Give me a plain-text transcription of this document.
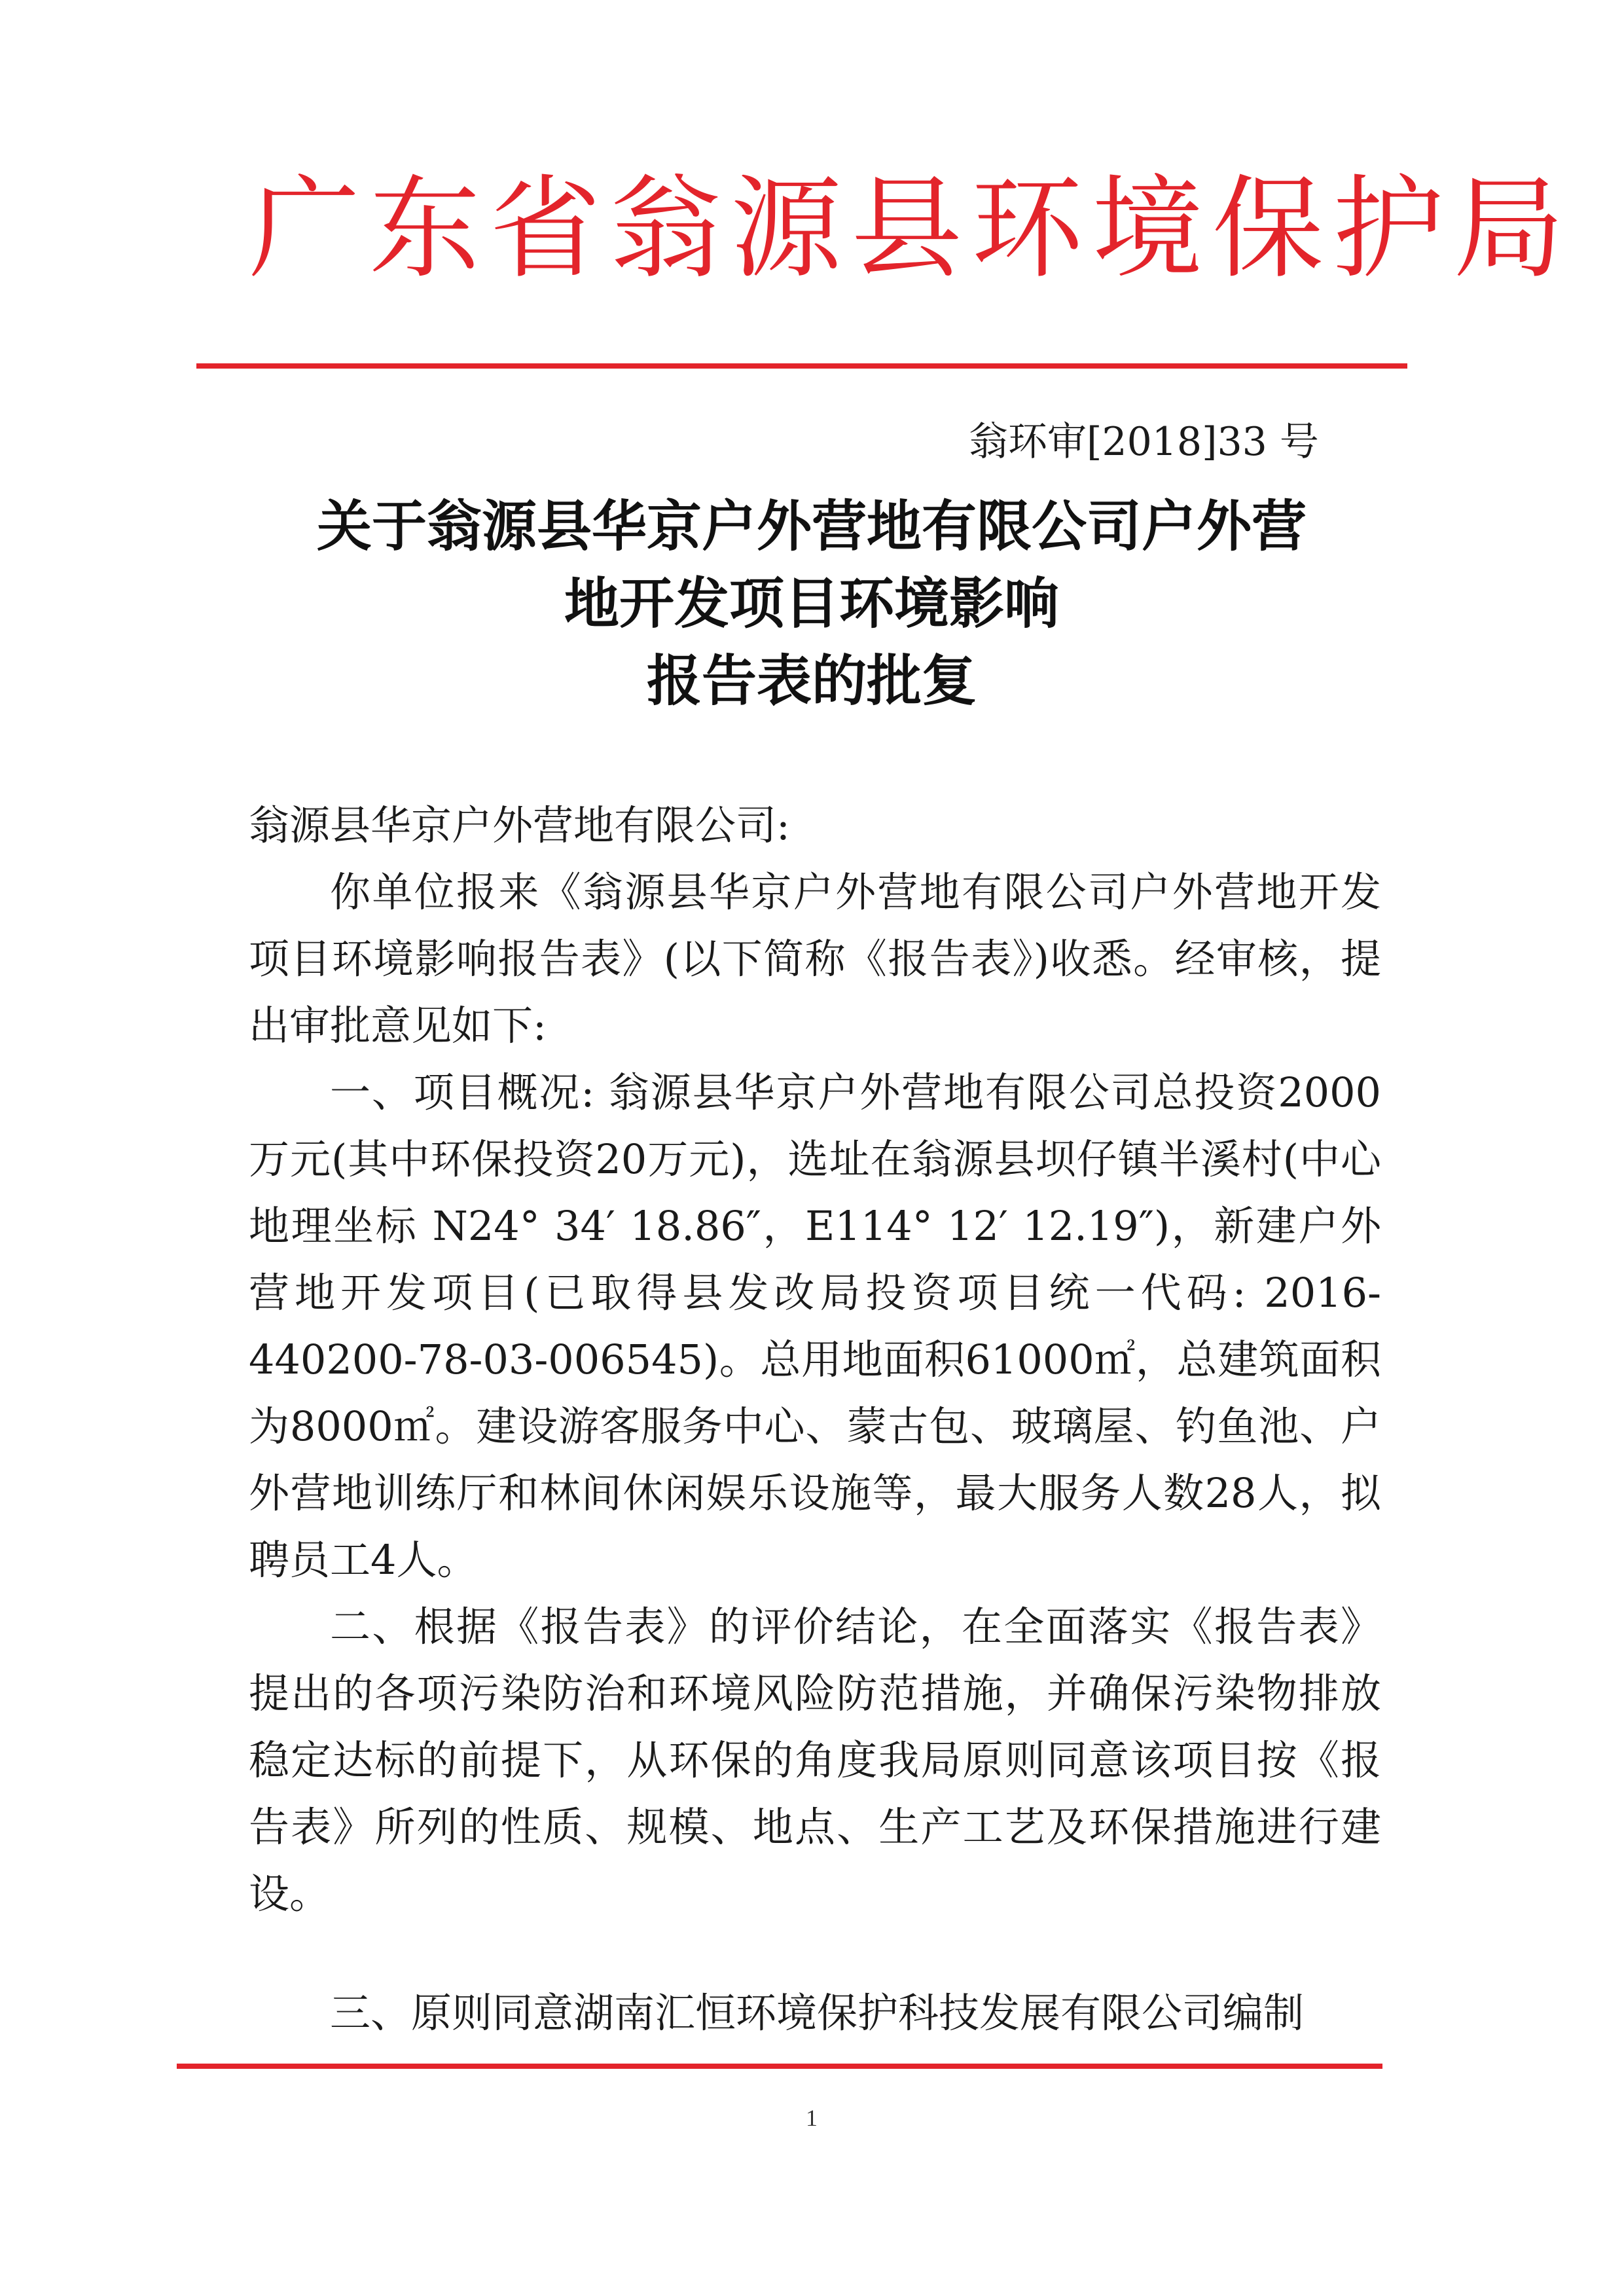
广东省翁源县环境保护局
翁环审[2018]33 号
关于翁源县华京户外营地有限公司户外营
地开发项目环境影响
报告表的批复
翁源县华京户外营地有限公司:
你单位报来《翁源县华京户外营地有限公司户外营地开发项目环境影响报告表》(以下简称《报告表》)收悉。经审核，提出审批意见如下:
一、项目概况: 翁源县华京户外营地有限公司总投资2000万元(其中环保投资20万元)，选址在翁源县坝仔镇半溪村(中心地理坐标 N24° 34′ 18.86″，E114° 12′ 12.19″)，新建户外营地开发项目(已取得县发改局投资项目统一代码: 2016-440200-78-03-006545)。总用地面积61000㎡，总建筑面积为8000㎡。建设游客服务中心、蒙古包、玻璃屋、钓鱼池、户外营地训练厅和林间休闲娱乐设施等，最大服务人数28人，拟聘员工4人。
二、根据《报告表》的评价结论，在全面落实《报告表》提出的各项污染防治和环境风险防范措施，并确保污染物排放稳定达标的前提下，从环保的角度我局原则同意该项目按《报告表》所列的性质、规模、地点、生产工艺及环保措施进行建设。
三、原则同意湖南汇恒环境保护科技发展有限公司编制
1
